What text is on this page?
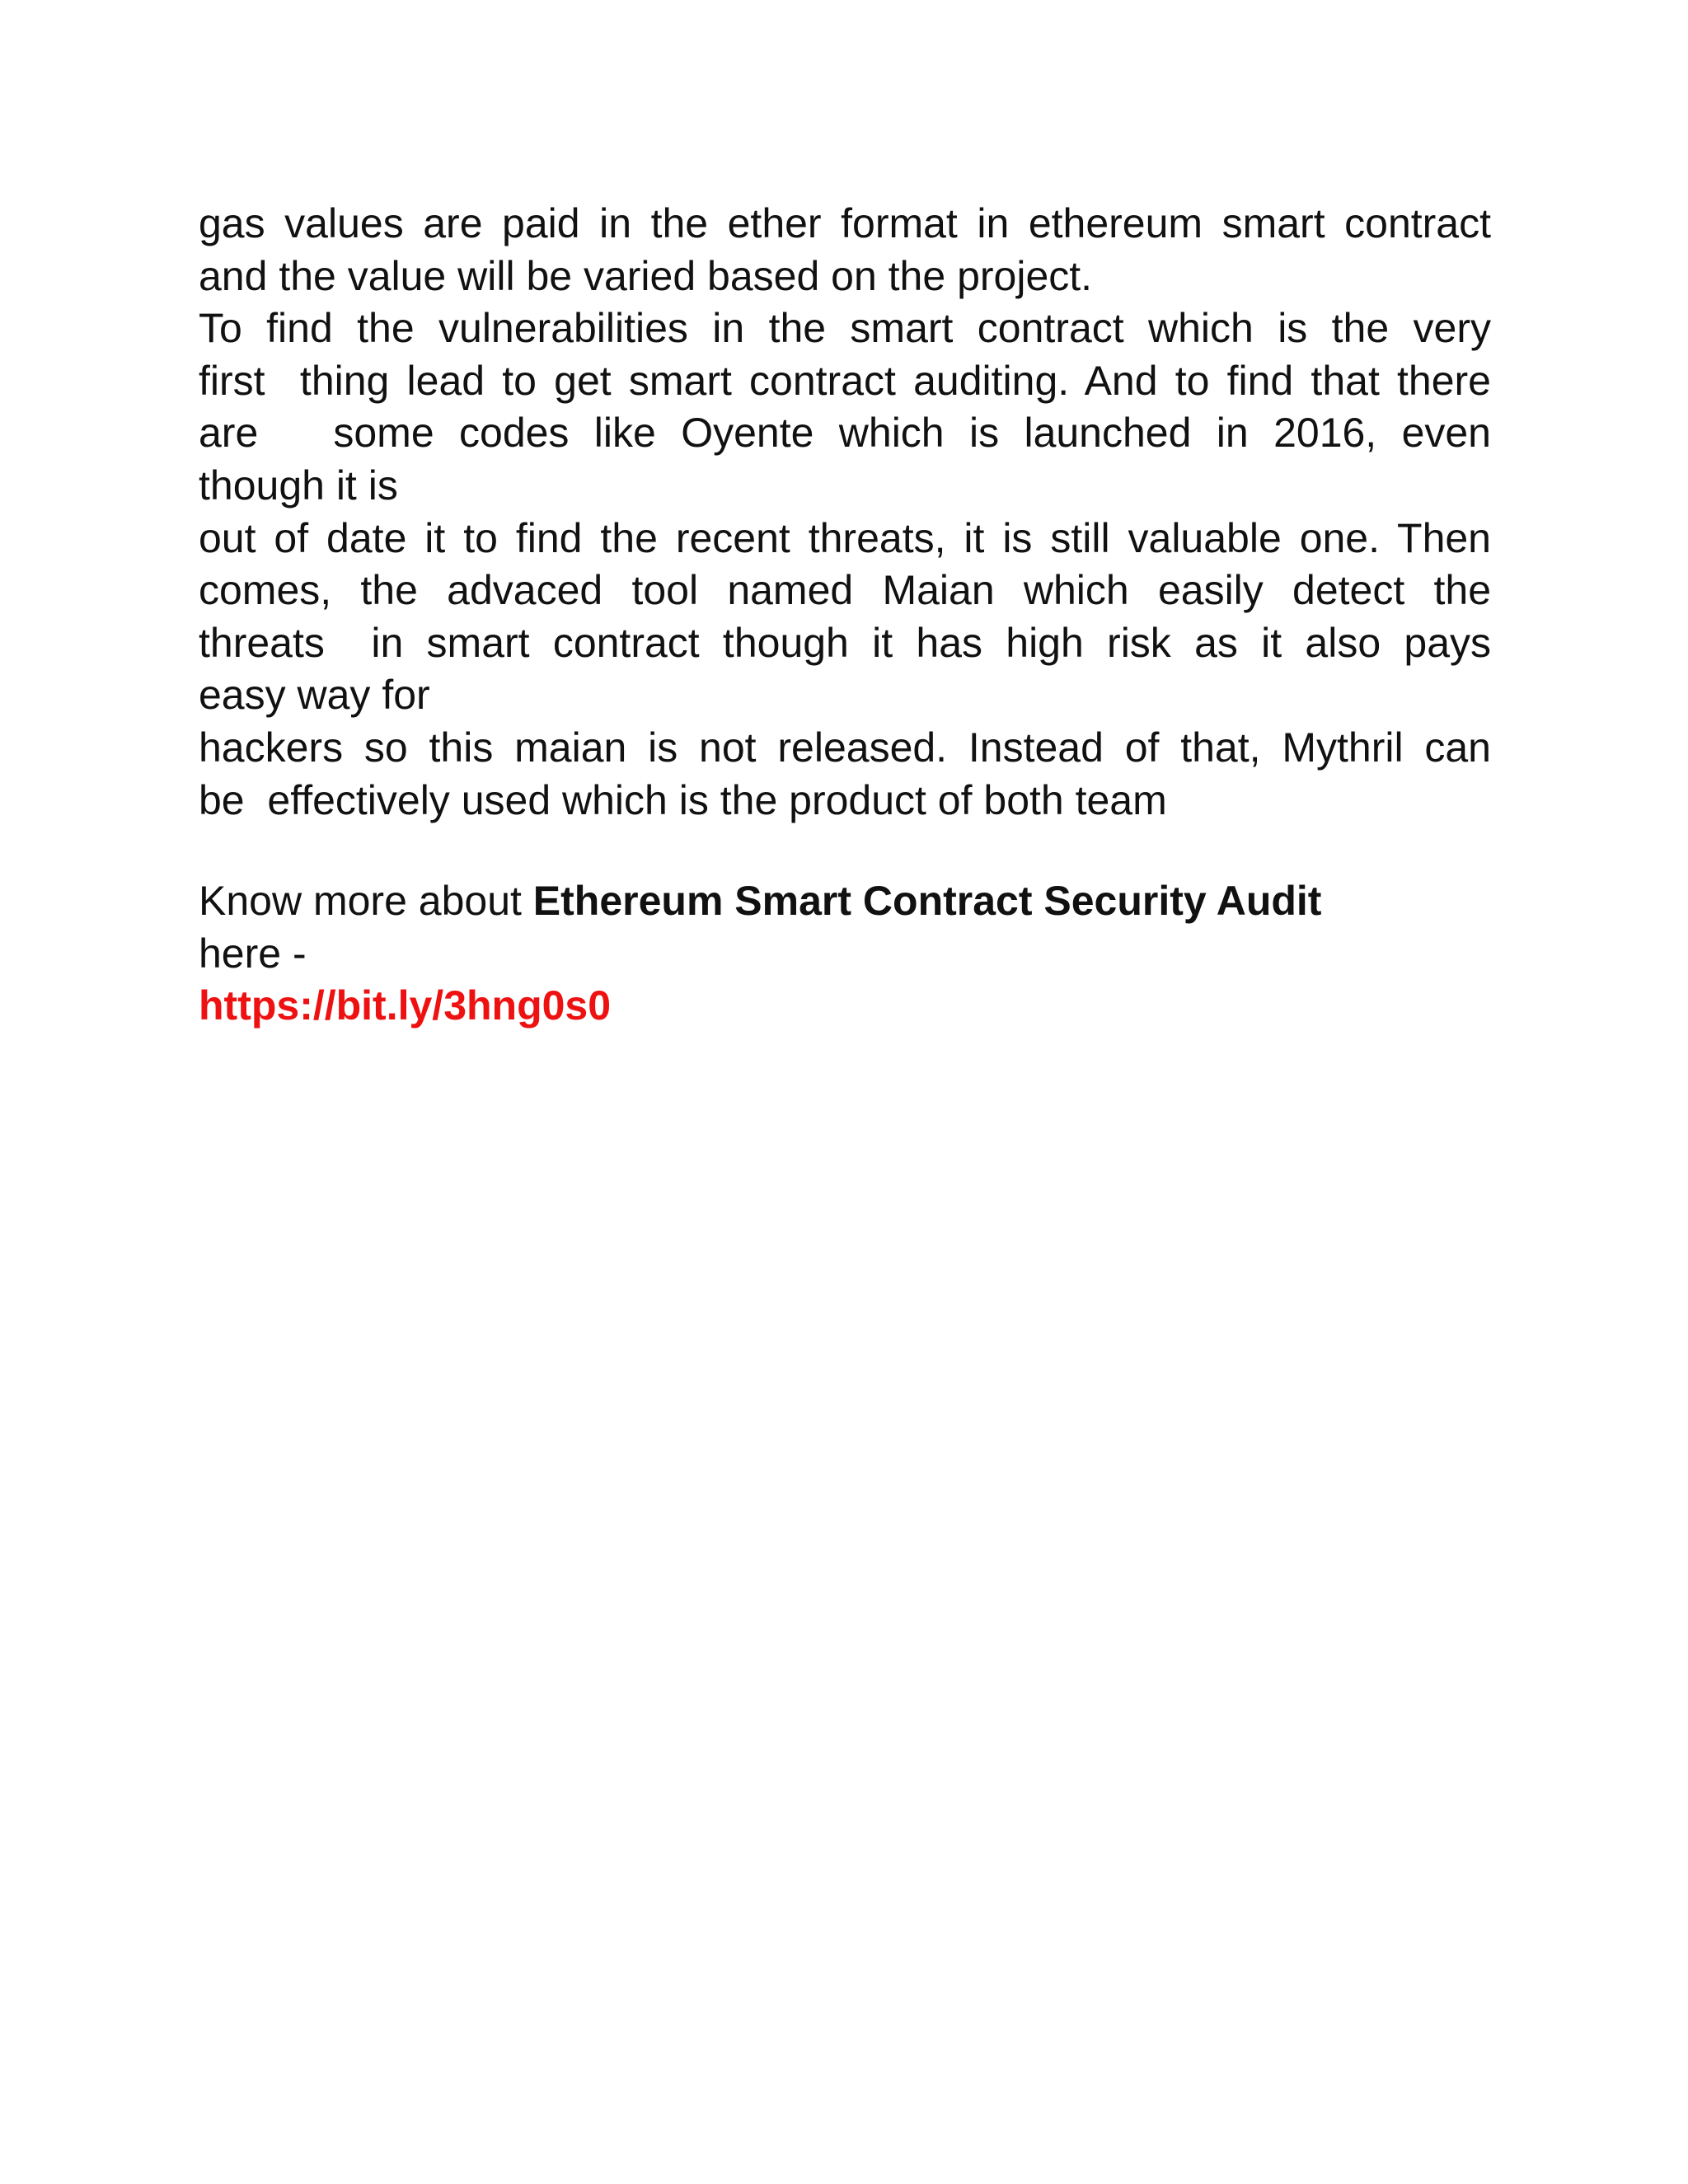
gas values are paid in the ether format in ethereum smart contract
and the value will be varied based on the project.

To find the vulnerabilities in the smart contract which is the very
first  thing lead to get smart contract auditing. And to find that there
are   some codes like Oyente which is launched in 2016, even
though it is
out of date it to find the recent threats, it is still valuable one. Then
comes, the advaced tool named Maian which easily detect the
threats  in smart contract though it has high risk as it also pays
easy way for
hackers so this maian is not released. Instead of that, Mythril can
be  effectively used which is the product of both team

Know more about Ethereum Smart Contract Security Audit
here -
https://bit.ly/3hng0s0
